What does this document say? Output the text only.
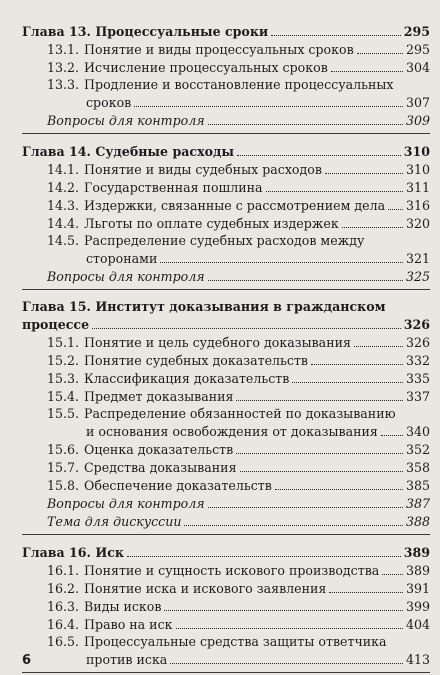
Глава 13. Процессуальные сроки	295
13.1. Понятие и виды процессуальных сроков	295
13.2. Исчисление процессуальных сроков	304
13.3. Продление и восстановление процессуальных
сроков	307
Вопросы для контроля	309
Глава 14. Судебные расходы	310
14.1. Понятие и виды судебных расходов	310
14.2. Государственная пошлина	311
14.3. Издержки, связанные с рассмотрением дела 316
14.4. Льготы по оплате судебных издержек	320
14.5. Распределение судебных расходов между
сторонами	321
Вопросы для контроля	325
Глава 15. Институт доказывания в гражданском
процессе	326
15.1. Понятие и цель судебного доказывания	326
15.2. Понятие судебных доказательств	332
15.3. Классификация доказательств	335
15.4. Предмет доказывания	337
15.5. Распределение обязанностей по доказыванию
и основания освобождения от доказывания 340
15.6. Оценка доказательств	352
15.7. Средства доказывания	358
15.8. Обеспечение доказательств	385
Вопросы для контроля	387
Тема для дискуссии	388
Глава 16. Иск	389
16.1. Понятие и сущность искового производства 389
16.2. Понятие иска и искового заявления	391
16.3. Виды исков	399
16.4. Право на иск	404
16.5. Процессуальные средства защиты ответчика
против иска	413
6
